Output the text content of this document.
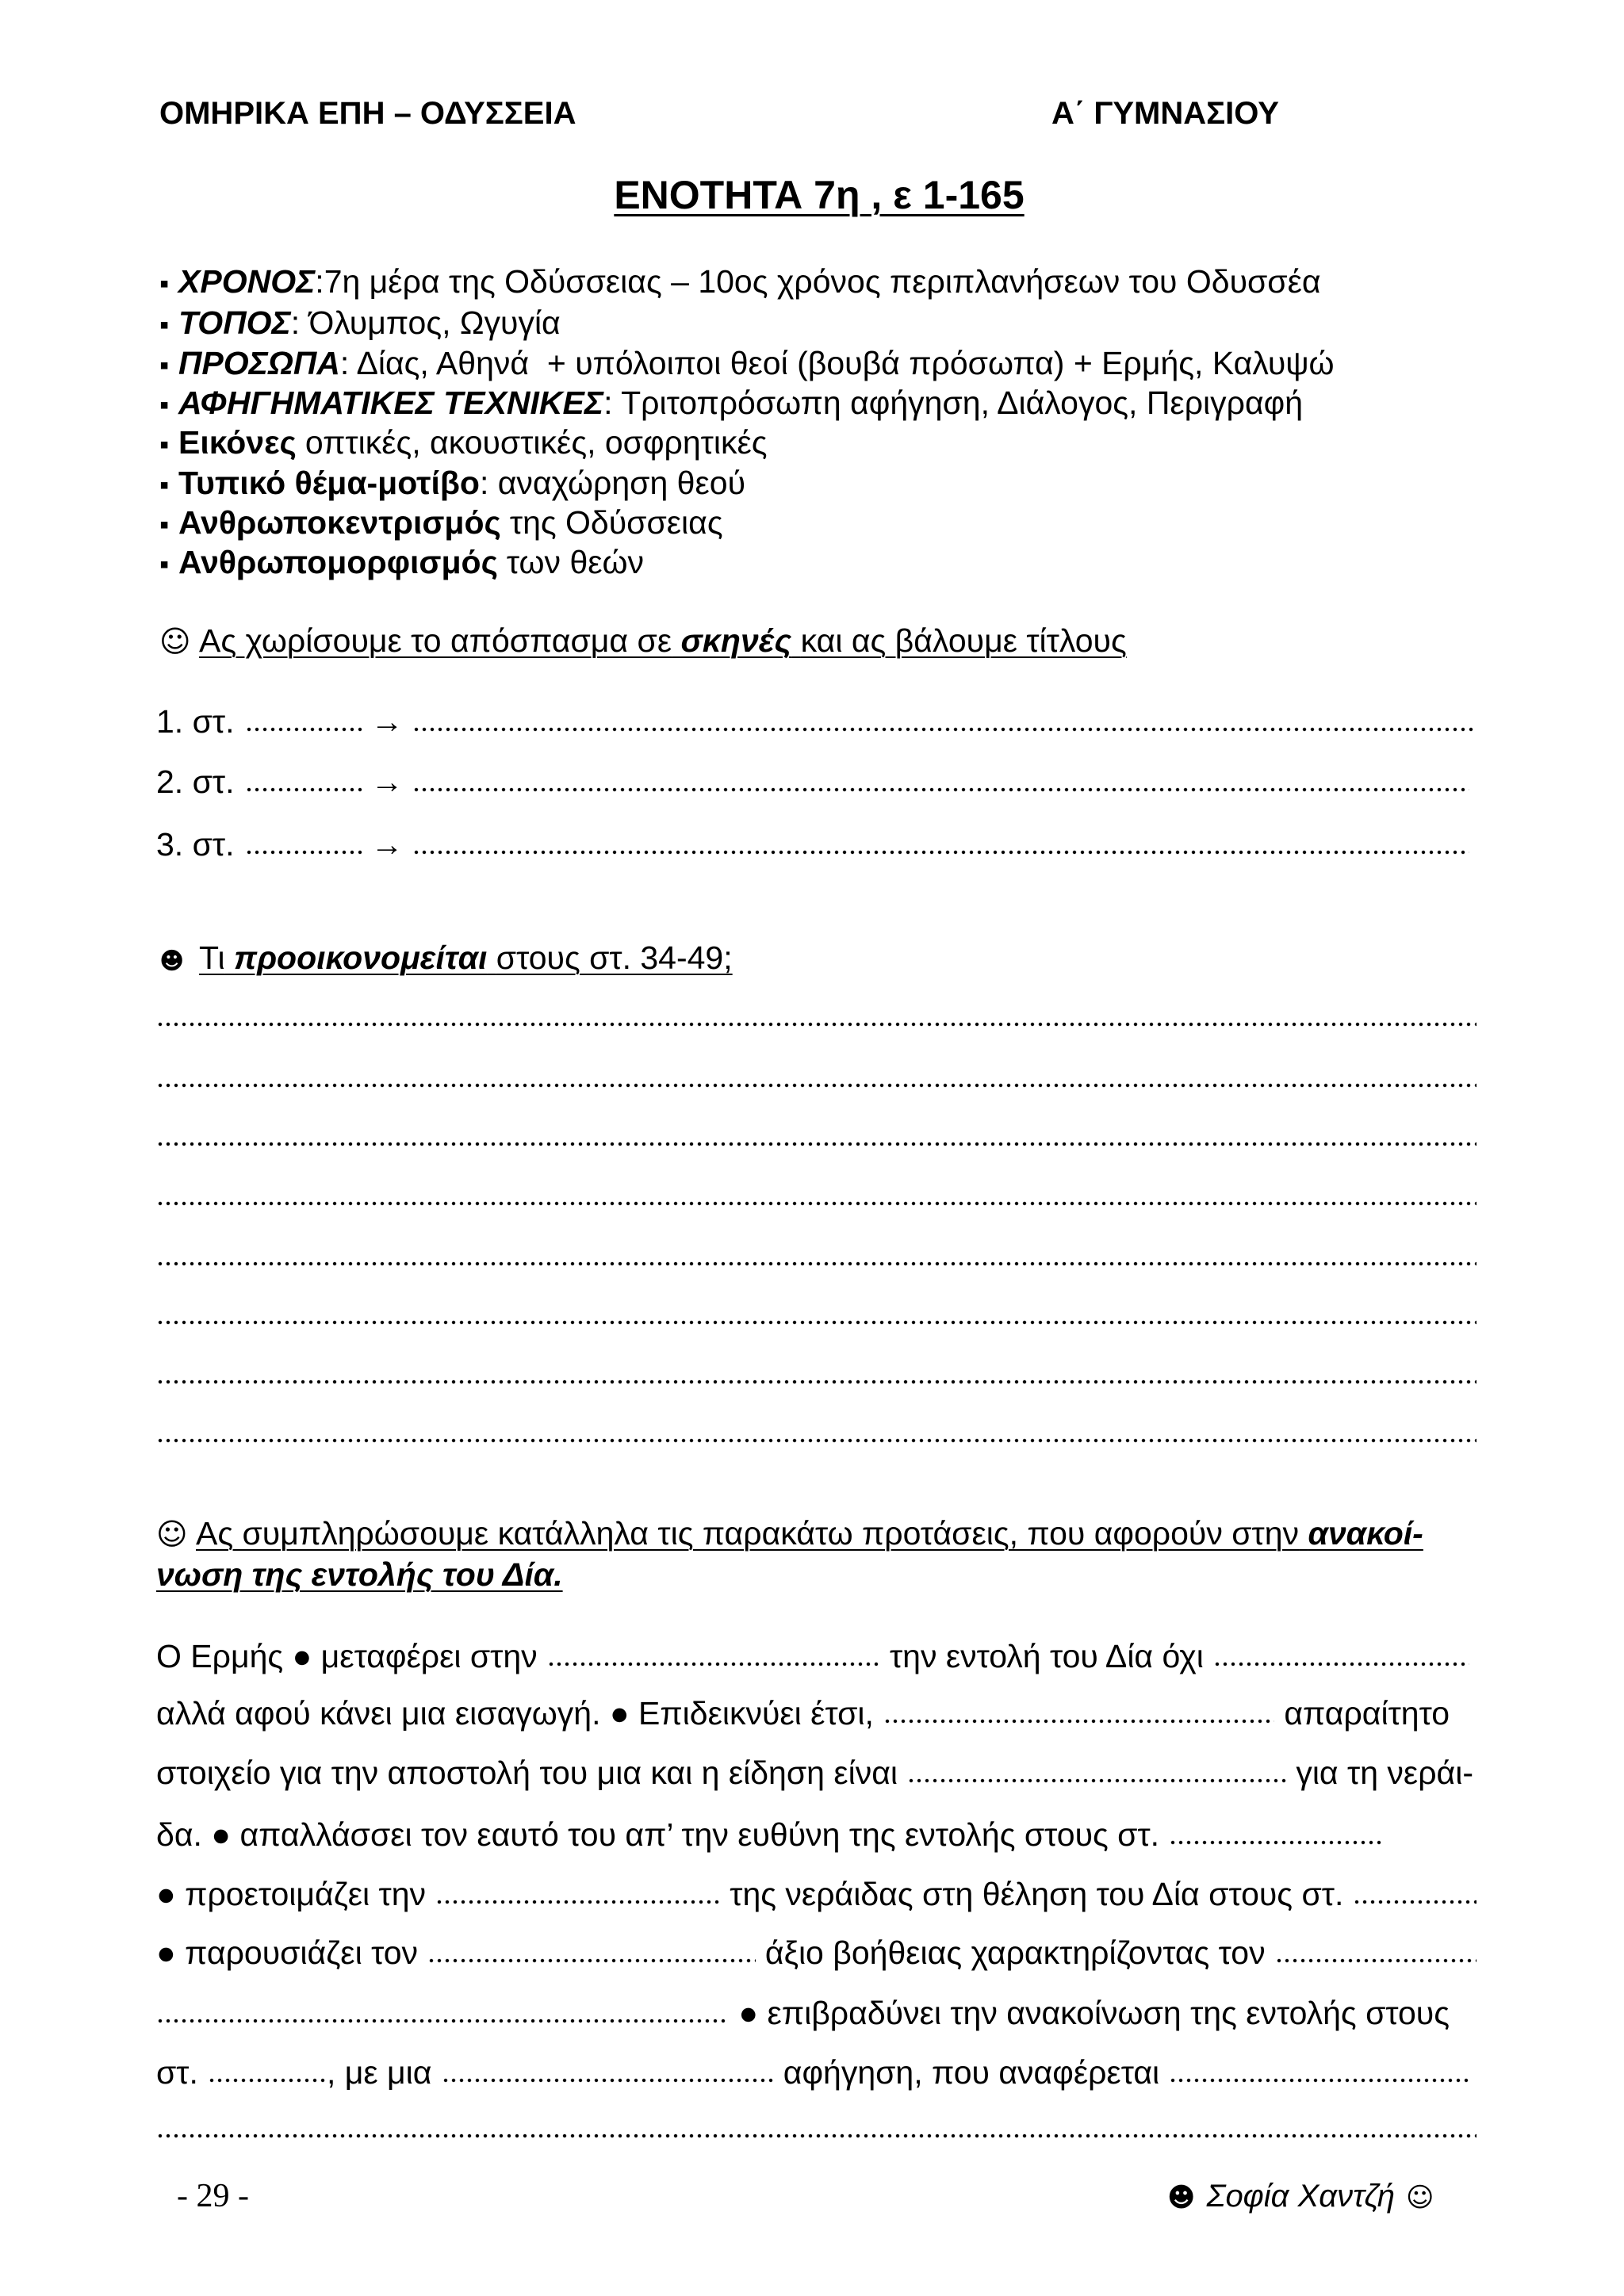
ΟΜΗΡΙΚΑ ΕΠΗ – ΟΔΥΣΣΕΙΑ	Α΄ ΓΥΜΝΑΣΙΟΥ
ΕΝΟΤΗΤΑ 7η , ε 1-165
▪ ΧΡΟΝΟΣ:7η μέρα της Οδύσσειας – 10ος χρόνος περιπλανήσεων του Οδυσσέα
▪ ΤΟΠΟΣ: Όλυμπος, Ωγυγία
▪ ΠΡΟΣΩΠΑ: Δίας, Αθηνά  + υπόλοιποι θεοί (βουβά πρόσωπα) + Ερμής, Καλυψώ
▪ ΑΦΗΓΗΜΑΤΙΚΕΣ ΤΕΧΝΙΚΕΣ: Τριτοπρόσωπη αφήγηση, Διάλογος, Περιγραφή
▪ Εικόνες οπτικές, ακουστικές, οσφρητικές
▪ Τυπικό θέμα-μοτίβο: αναχώρηση θεού
▪ Ανθρωποκεντρισμός της Οδύσσειας
▪ Ανθρωπομορφισμός των θεών
☺ Ας χωρίσουμε το απόσπασμα σε σκηνές και ας βάλουμε τίτλους
1. στ.	→
2. στ.	→
3. στ.	→
☻ Τι προοικονομείται στους στ. 34-49;
☺ Ας συμπληρώσουμε κατάλληλα τις παρακάτω προτάσεις, που αφορούν στην ανακοί-
νωση της εντολής του Δία.
Ο Ερμής ● μεταφέρει στην	την εντολή του Δία όχι
αλλά αφού κάνει μια εισαγωγή. ● Επιδεικνύει έτσι,	απαραίτητο
στοιχείο για την αποστολή του μια και η είδηση είναι	για τη νεράι-
δα. ● απαλλάσσει τον εαυτό του απ’ την ευθύνη της εντολής στους στ.
● προετοιμάζει την	της νεράιδας στη θέληση του Δία στους στ.
● παρουσιάζει τον	άξιο βοήθειας χαρακτηρίζοντας τον
● επιβραδύνει την ανακοίνωση της εντολής στους
στ.	, με μια	αφήγηση, που αναφέρεται
- 29 -	☻ Σοφία Χαντζή ☺
